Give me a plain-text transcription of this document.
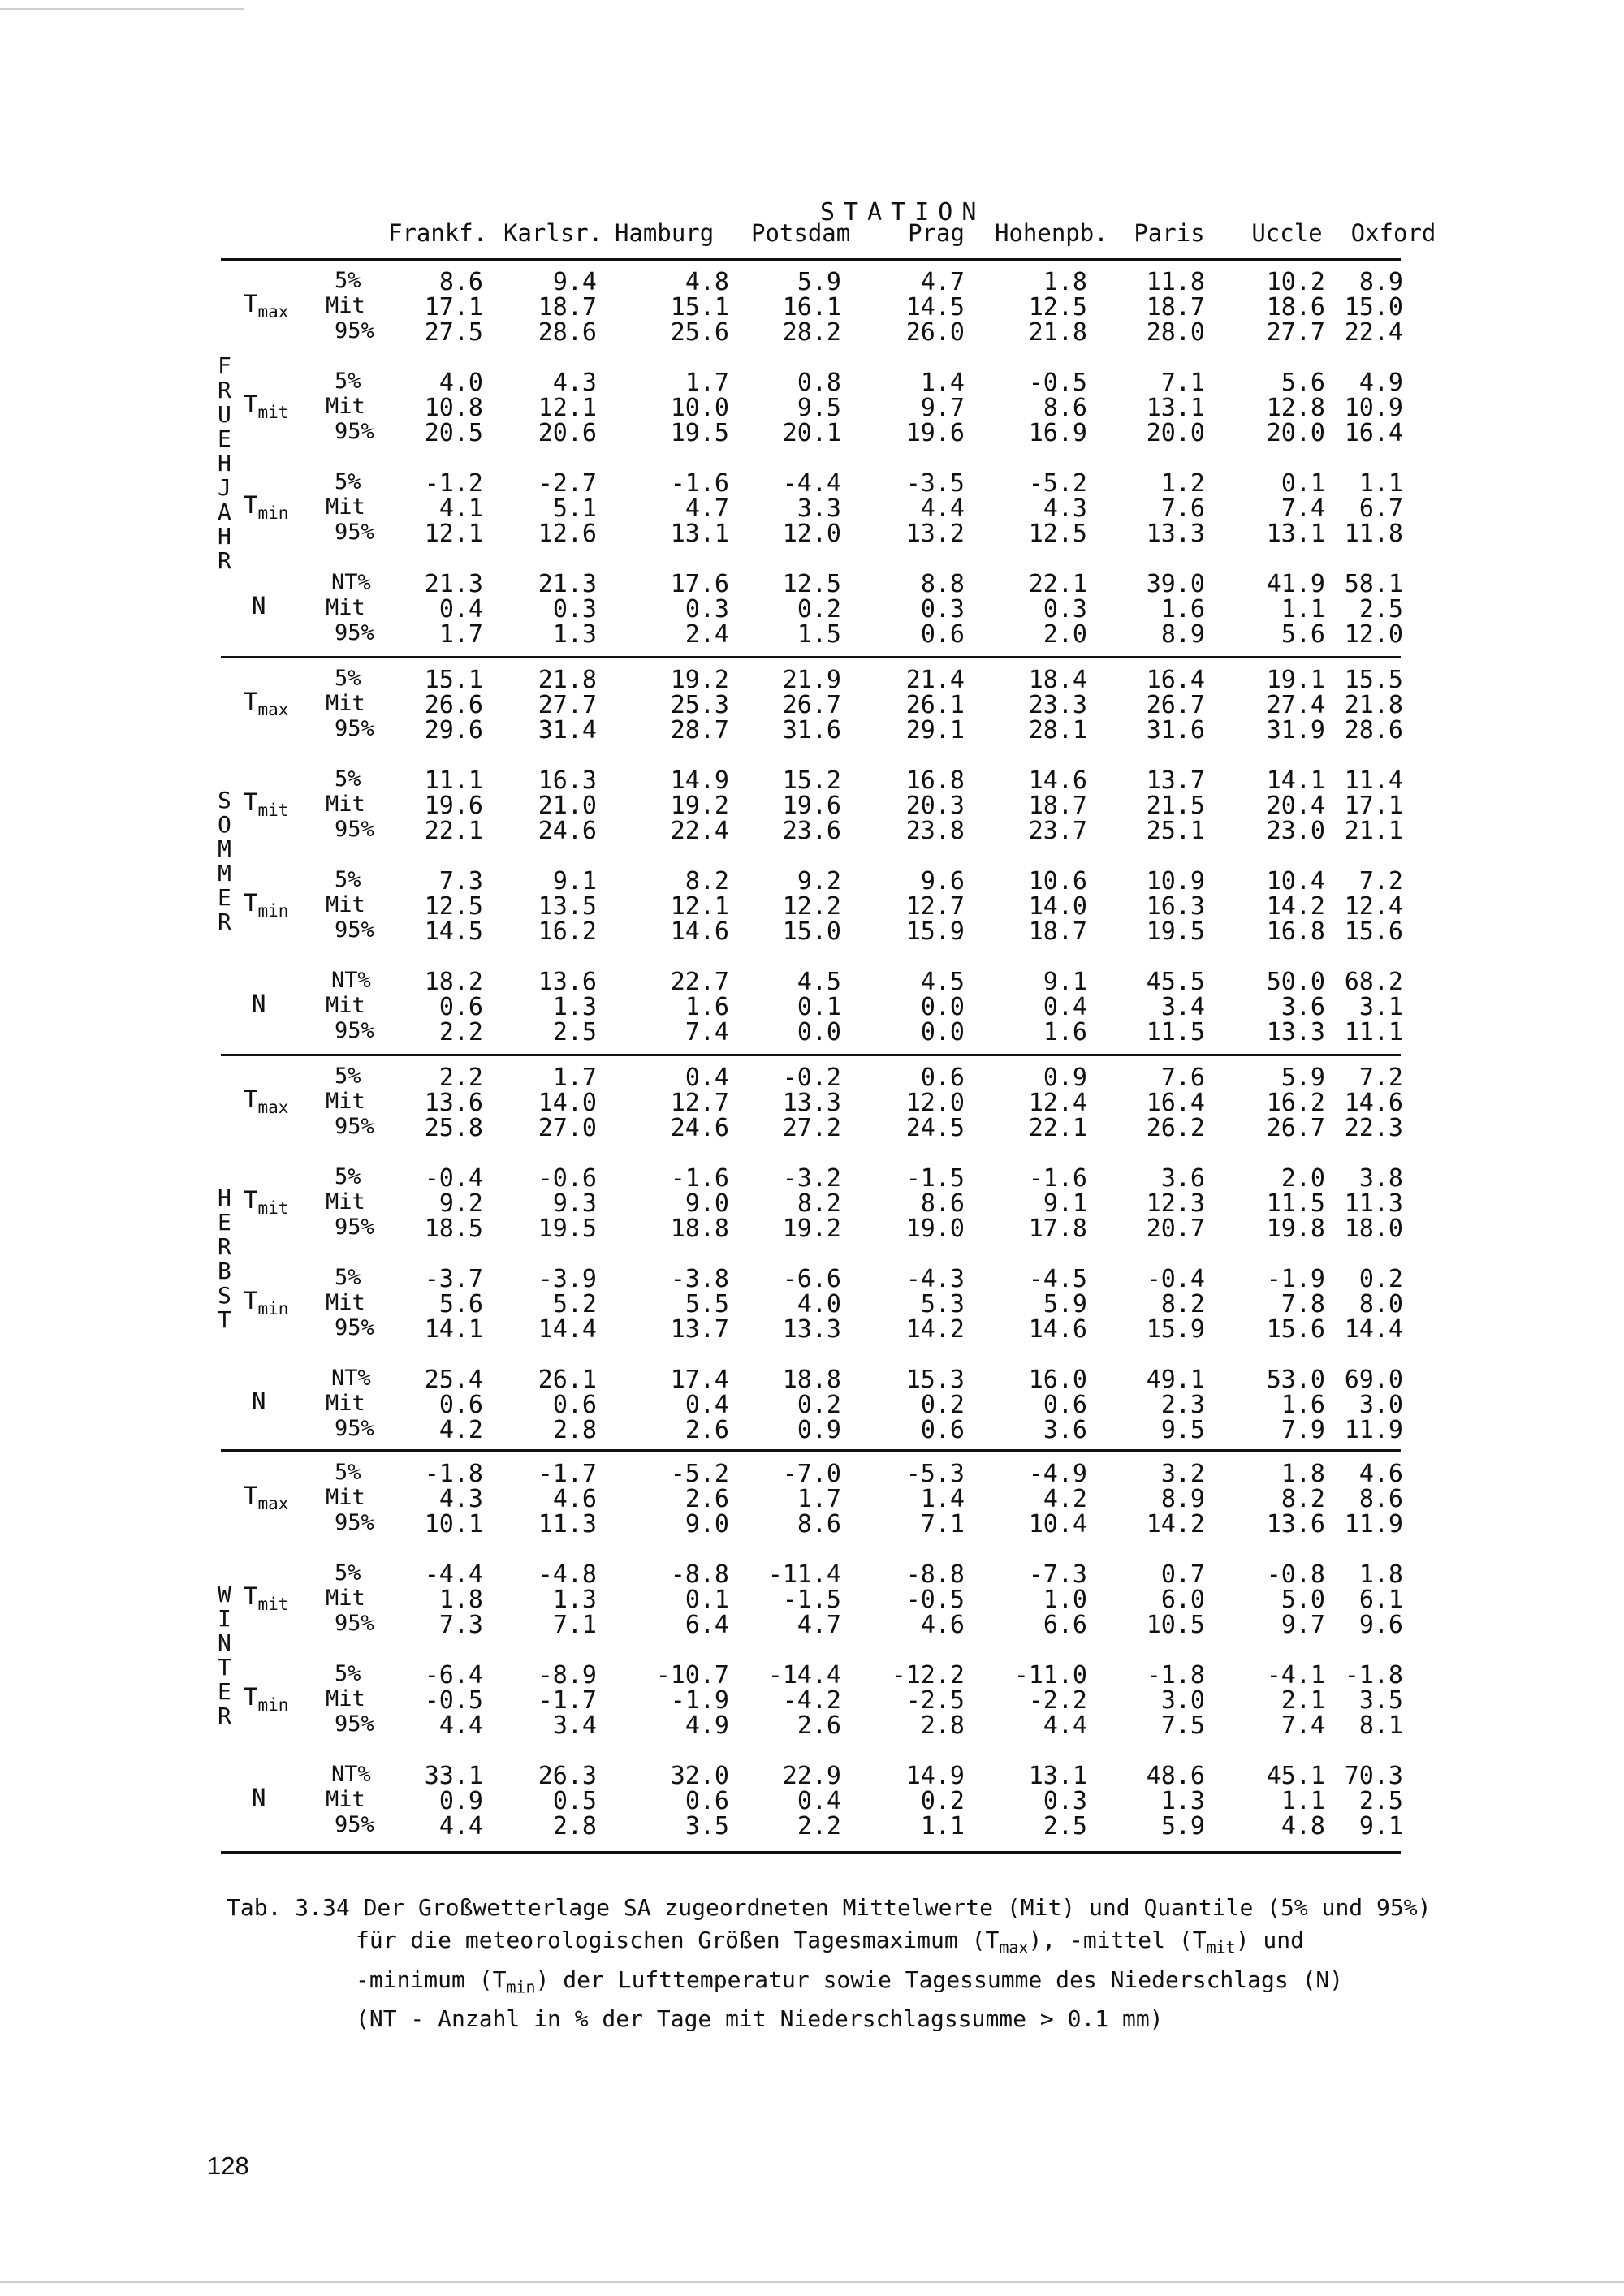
STATION
Frankf. Karlsr. Hamburg Potsdam	Prag	Hohenpb.	Paris	Uccle	Oxford
F
R
U
E
H
J
A
H
R
$T_{max}$
5%	8.6	9.4	4.8	5.9	4.7	1.8	11.8	10.2	8.9
Mit	17.1	18.7	15.1	16.1	14.5	12.5	18.7	18.6 15.0
95%	27.5	28.6	25.6	28.2	26.0	21.8	28.0	27.7 22.4
$T_{mit}$
5%	4.0	4.3	1.7	0.8	1.4	-0.5	7.1	5.6	4.9
Mit	10.8	12.1	10.0	9.5	9.7	8.6	13.1	12.8 10.9
95%	20.5	20.6	19.5	20.1	19.6	16.9	20.0	20.0 16.4
$T_{min}$
5%	-1.2	-2.7	-1.6	-4.4	-3.5	-5.2	1.2	0.1	1.1
Mit	4.1	5.1	4.7	3.3	4.4	4.3	7.6	7.4	6.7
95%	12.1	12.6	13.1	12.0	13.2	12.5	13.3	13.1 11.8
N
NT%	21.3	21.3	17.6	12.5	8.8	22.1	39.0	41.9 58.1
Mit	0.4	0.3	0.3	0.2	0.3	0.3	1.6	1.1	2.5
95%	1.7	1.3	2.4	1.5	0.6	2.0	8.9	5.6 12.0
S
O
M
M
E
R
$T_{max}$
5%	15.1	21.8	19.2	21.9	21.4	18.4	16.4	19.1 15.5
Mit	26.6	27.7	25.3	26.7	26.1	23.3	26.7	27.4 21.8
95%	29.6	31.4	28.7	31.6	29.1	28.1	31.6	31.9 28.6
$T_{mit}$
5%	11.1	16.3	14.9	15.2	16.8	14.6	13.7	14.1 11.4
Mit	19.6	21.0	19.2	19.6	20.3	18.7	21.5	20.4 17.1
95%	22.1	24.6	22.4	23.6	23.8	23.7	25.1	23.0 21.1
$T_{min}$
5%	7.3	9.1	8.2	9.2	9.6	10.6	10.9	10.4	7.2
Mit	12.5	13.5	12.1	12.2	12.7	14.0	16.3	14.2 12.4
95%	14.5	16.2	14.6	15.0	15.9	18.7	19.5	16.8 15.6
N
NT%	18.2	13.6	22.7	4.5	4.5	9.1	45.5	50.0 68.2
Mit	0.6	1.3	1.6	0.1	0.0	0.4	3.4	3.6	3.1
95%	2.2	2.5	7.4	0.0	0.0	1.6	11.5	13.3 11.1
H
E
R
B
S
T
$T_{max}$
5%	2.2	1.7	0.4	-0.2	0.6	0.9	7.6	5.9	7.2
Mit	13.6	14.0	12.7	13.3	12.0	12.4	16.4	16.2 14.6
95%	25.8	27.0	24.6	27.2	24.5	22.1	26.2	26.7 22.3
$T_{mit}$
5%	-0.4	-0.6	-1.6	-3.2	-1.5	-1.6	3.6	2.0	3.8
Mit	9.2	9.3	9.0	8.2	8.6	9.1	12.3	11.5 11.3
95%	18.5	19.5	18.8	19.2	19.0	17.8	20.7	19.8 18.0
$T_{min}$
5%	-3.7	-3.9	-3.8	-6.6	-4.3	-4.5	-0.4	-1.9	0.2
Mit	5.6	5.2	5.5	4.0	5.3	5.9	8.2	7.8	8.0
95%	14.1	14.4	13.7	13.3	14.2	14.6	15.9	15.6 14.4
N
NT%	25.4	26.1	17.4	18.8	15.3	16.0	49.1	53.0 69.0
Mit	0.6	0.6	0.4	0.2	0.2	0.6	2.3	1.6	3.0
95%	4.2	2.8	2.6	0.9	0.6	3.6	9.5	7.9 11.9
W
I
N
T
E
R
$T_{max}$
5%	-1.8	-1.7	-5.2	-7.0	-5.3	-4.9	3.2	1.8	4.6
Mit	4.3	4.6	2.6	1.7	1.4	4.2	8.9	8.2	8.6
95%	10.1	11.3	9.0	8.6	7.1	10.4	14.2	13.6 11.9
$T_{mit}$
5%	-4.4	-4.8	-8.8	-11.4	-8.8	-7.3	0.7	-0.8	1.8
Mit	1.8	1.3	0.1	-1.5	-0.5	1.0	6.0	5.0	6.1
95%	7.3	7.1	6.4	4.7	4.6	6.6	10.5	9.7	9.6
$T_{min}$
5%	-6.4	-8.9	-10.7	-14.4	-12.2	-11.0	-1.8	-4.1 -1.8
Mit	-0.5	-1.7	-1.9	-4.2	-2.5	-2.2	3.0	2.1	3.5
95%	4.4	3.4	4.9	2.6	2.8	4.4	7.5	7.4	8.1
N
NT%	33.1	26.3	32.0	22.9	14.9	13.1	48.6	45.1 70.3
Mit	0.9	0.5	0.6	0.4	0.2	0.3	1.3	1.1	2.5
95%	4.4	2.8	3.5	2.2	1.1	2.5	5.9	4.8	9.1
Tab. 3.34 Der Großwetterlage SA zugeordneten Mittelwerte (Mit) und Quantile (5% und 95%)

für die meteorologischen Größen Tagesmaximum $(T_{max})$, -mittel $(T_{mit})$ und
-minimum $(T_{min})$ der Lufttemperatur sowie Tagessumme des Niederschlags (N)
(NT - Anzahl in % der Tage mit Niederschlagssumme > 0.1 mm)
128
